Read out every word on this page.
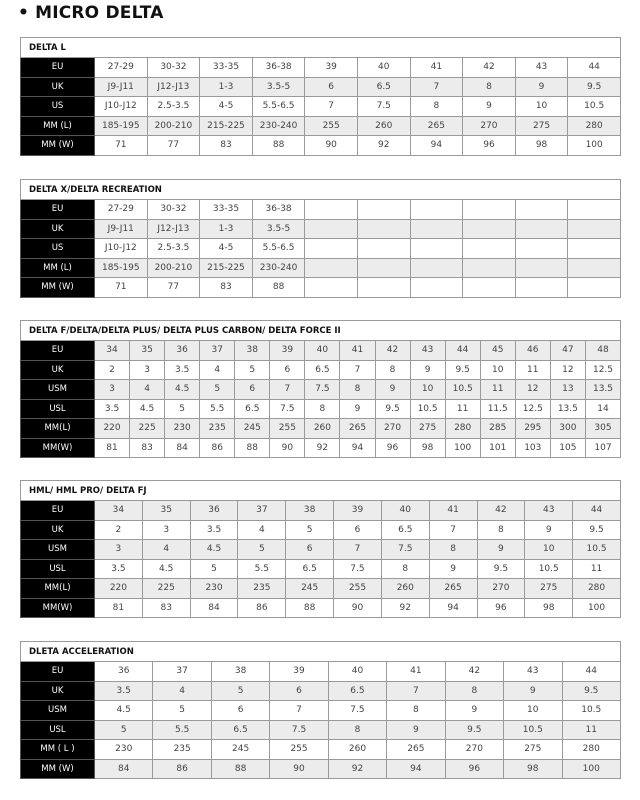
• MICRO DELTA
DELTA L										
EU	27-29	30-32	33-35	36-38	39	40	41	42	43	44
UK	J9-J11	J12-J13	1-3	3.5-5	6	6.5	7	8	9	9.5
US	J10-J12	2.5-3.5	4-5	5.5-6.5	7	7.5	8	9	10	10.5
MM (L)	185-195	200-210	215-225	230-240	255	260	265	270	275	280
MM (W)	71	77	83	88	90	92	94	96	98	100
DELTA X/DELTA RECREATION										
EU	27-29	30-32	33-35	36-38						
UK	J9-J11	J12-J13	1-3	3.5-5						
US	J10-J12	2.5-3.5	4-5	5.5-6.5						
MM (L)	185-195	200-210	215-225	230-240						
MM (W)	71	77	83	88						
DELTA F/DELTA/DELTA PLUS/ DELTA PLUS CARBON/ DELTA FORCE II															
EU	34	35	36	37	38	39	40	41	42	43	44	45	46	47	48
UK	2	3	3.5	4	5	6	6.5	7	8	9	9.5	10	11	12	12.5
USM	3	4	4.5	5	6	7	7.5	8	9	10	10.5	11	12	13	13.5
USL	3.5	4.5	5	5.5	6.5	7.5	8	9	9.5	10.5	11	11.5	12.5	13.5	14
MM(L)	220	225	230	235	245	255	260	265	270	275	280	285	295	300	305
MM(W)	81	83	84	86	88	90	92	94	96	98	100	101	103	105	107
HML/ HML PRO/ DELTA FJ											
EU	34	35	36	37	38	39	40	41	42	43	44
UK	2	3	3.5	4	5	6	6.5	7	8	9	9.5
USM	3	4	4.5	5	6	7	7.5	8	9	10	10.5
USL	3.5	4.5	5	5.5	6.5	7.5	8	9	9.5	10.5	11
MM(L)	220	225	230	235	245	255	260	265	270	275	280
MM(W)	81	83	84	86	88	90	92	94	96	98	100
DLETA ACCELERATION									
EU	36	37	38	39	40	41	42	43	44
UK	3.5	4	5	6	6.5	7	8	9	9.5
USM	4.5	5	6	7	7.5	8	9	10	10.5
USL	5	5.5	6.5	7.5	8	9	9.5	10.5	11
MM ( L )	230	235	245	255	260	265	270	275	280
MM (W)	84	86	88	90	92	94	96	98	100
